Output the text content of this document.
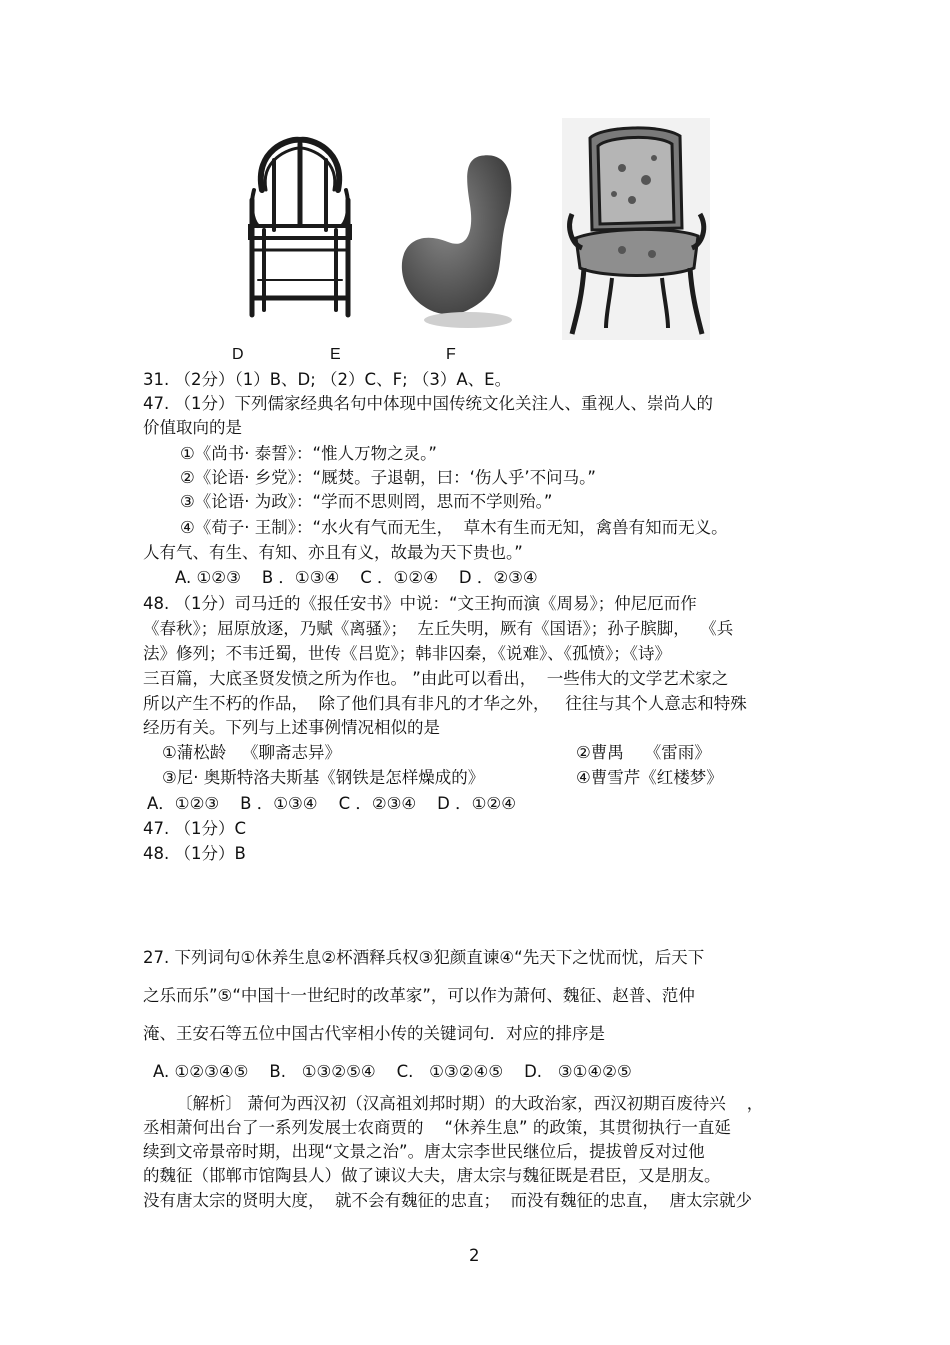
D	E	F
31. （2分）（1）B、D; （2）C、F; （3）A、E。
47. （1分）下列儒家经典名句中体现中国传统文化关注人、重视人、崇尚人的
价值取向的是
①《尚书· 泰誓》：“惟人万物之灵。”
②《论语· 乡党》：“厩焚。子退朝，曰：‘伤人乎’不问马。”
③《论语· 为政》：“学而不思则罔，思而不学则殆。”
④《荀子· 王制》：“水火有气而无生，  草木有生而无知，禽兽有知而无义。
人有气、有生、有知、亦且有义，故最为天下贵也。”
A. ①②③    B ．①③④    C ．①②④    D ．②③④
48. （1分）司马迁的《报任安书》中说：“文王拘而演《周易》；仲尼厄而作
《春秋》；屈原放逐，乃赋《离骚》；  左丘失明，厥有《国语》；孙子膑脚，  《兵
法》修列；不韦迁蜀，世传《吕览》；韩非囚秦，《说难》、《孤愤》；《诗》
三百篇，大底圣贤发愤之所为作也。 ”由此可以看出，  一些伟大的文学艺术家之
所以产生不朽的作品，  除了他们具有非凡的才华之外，   往往与其个人意志和特殊
经历有关。下列与上述事例情况相似的是
①蒲松龄   《聊斋志异》	②曹禺    《雷雨》
③尼· 奥斯特洛夫斯基《钢铁是怎样燥成的》	④曹雪芹《红楼梦》
A．①②③    B ．①③④    C ．②③④    D ．①②④
47. （1分）C
48. （1分）B
27. 下列词句①休养生息②杯酒释兵权③犯颜直谏④“先天下之忧而忧，后天下
之乐而乐”⑤“中国十一世纪时的改革家”，可以作为萧何、魏征、赵普、范仲
淹、王安石等五位中国古代宰相小传的关键词句．对应的排序是
A. ①②③④⑤    B.   ①③②⑤④    C.   ①③②④⑤    D.   ③①④②⑤
〔解析〕 萧何为西汉初（汉高祖刘邦时期）的大政治家，西汉初期百废待兴    ，
丞相萧何出台了一系列发展士农商贾的    “休养生息” 的政策，其贯彻执行一直延
续到文帝景帝时期，出现“文景之治”。唐太宗李世民继位后，提拔曾反对过他
的魏征（邯郸市馆陶县人）做了谏议大夫，唐太宗与魏征既是君臣，又是朋友。
没有唐太宗的贤明大度，  就不会有魏征的忠直；  而没有魏征的忠直，  唐太宗就少
2
